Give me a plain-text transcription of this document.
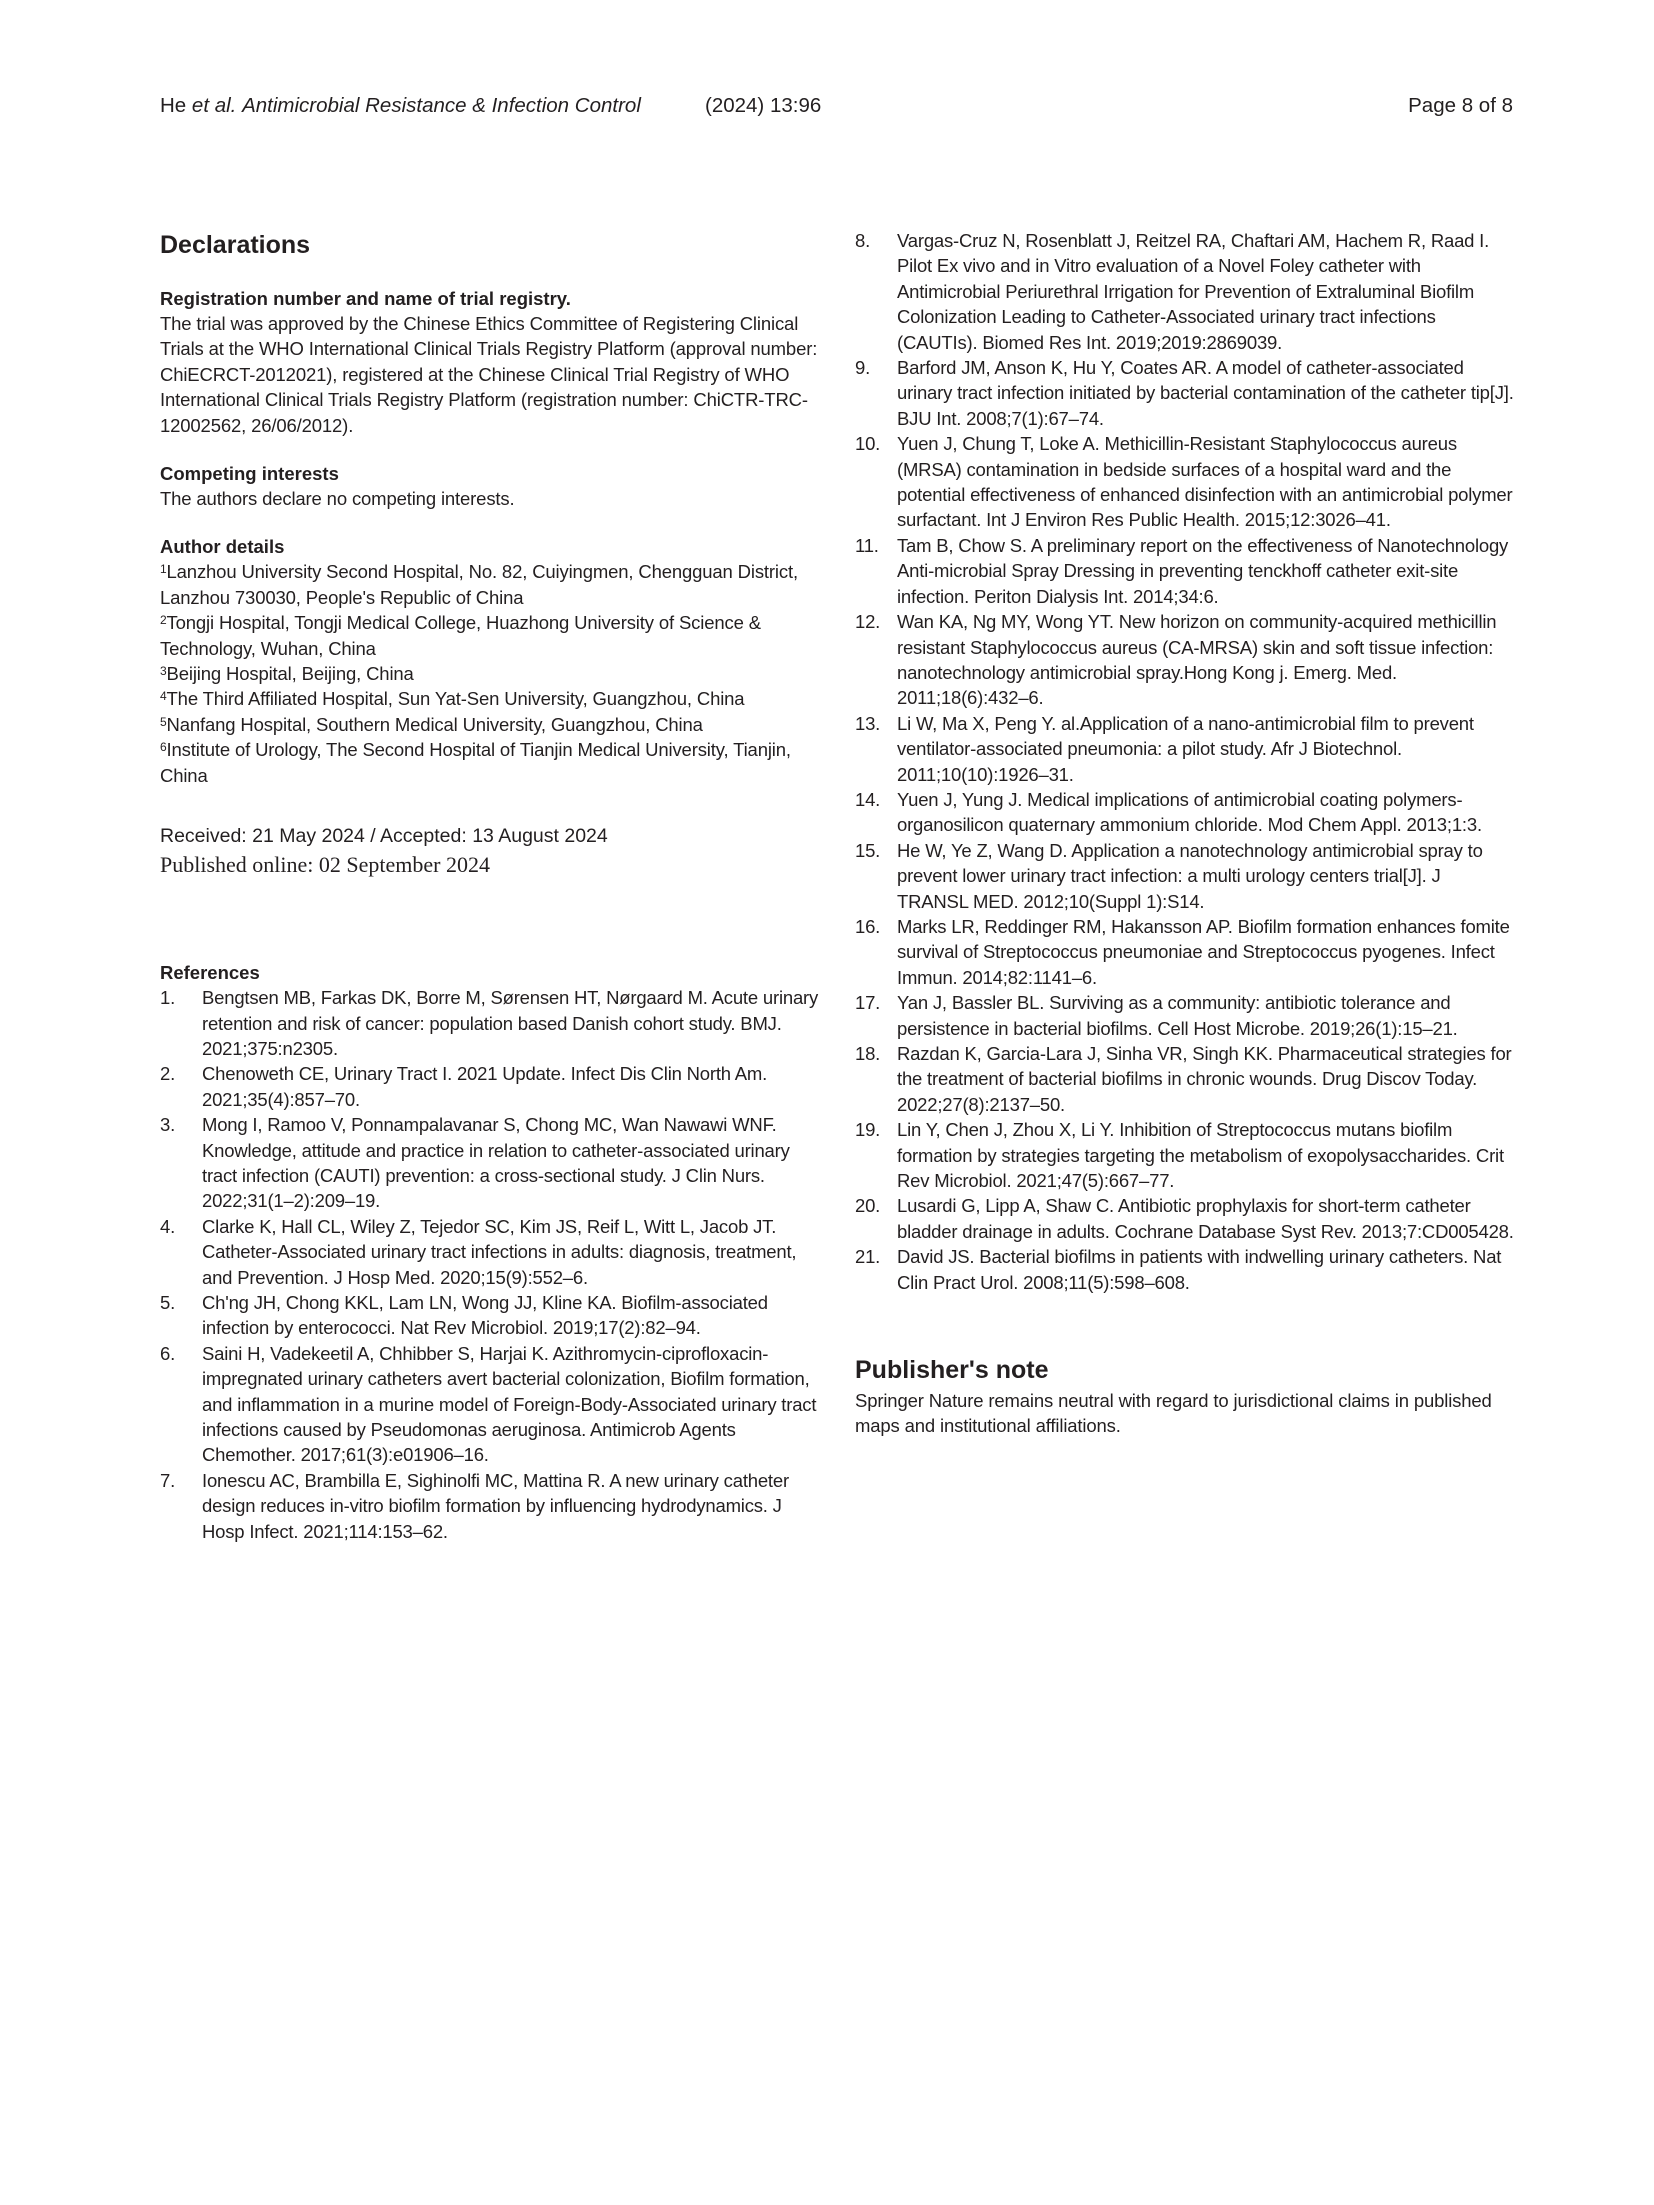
He et al. Antimicrobial Resistance & Infection Control	(2024) 13:96	Page 8 of 8
Declarations
Registration number and name of trial registry.

The trial was approved by the Chinese Ethics Committee of Registering Clinical Trials at the WHO International Clinical Trials Registry Platform (approval number: ChiECRCT-2012021), registered at the Chinese Clinical Trial Registry of WHO International Clinical Trials Registry Platform (registration number: ChiCTR-TRC-12002562, 26/06/2012).

Competing interests

The authors declare no competing interests.

Author details
$^1$Lanzhou University Second Hospital, No. 82, Cuiyingmen, Chengguan District, Lanzhou 730030, People's Republic of China
$^2$Tongji Hospital, Tongji Medical College, Huazhong University of Science & Technology, Wuhan, China
$^3$Beijing Hospital, Beijing, China
$^4$The Third Affiliated Hospital, Sun Yat-Sen University, Guangzhou, China
$^5$Nanfang Hospital, Southern Medical University, Guangzhou, China
$^6$Institute of Urology, The Second Hospital of Tianjin Medical University, Tianjin, China
Received: 21 May 2024 / Accepted: 13 August 2024
Published online: 02 September 2024
References
1. Bengtsen MB, Farkas DK, Borre M, Sørensen HT, Nørgaard M. Acute urinary retention and risk of cancer: population based Danish cohort study. BMJ. 2021;375:n2305.
2. Chenoweth CE, Urinary Tract I. 2021 Update. Infect Dis Clin North Am. 2021;35(4):857–70.
3. Mong I, Ramoo V, Ponnampalavanar S, Chong MC, Wan Nawawi WNF. Knowledge, attitude and practice in relation to catheter-associated urinary tract infection (CAUTI) prevention: a cross-sectional study. J Clin Nurs. 2022;31(1–2):209–19.
4. Clarke K, Hall CL, Wiley Z, Tejedor SC, Kim JS, Reif L, Witt L, Jacob JT. Catheter-Associated urinary tract infections in adults: diagnosis, treatment, and Prevention. J Hosp Med. 2020;15(9):552–6.
5. Ch'ng JH, Chong KKL, Lam LN, Wong JJ, Kline KA. Biofilm-associated infection by enterococci. Nat Rev Microbiol. 2019;17(2):82–94.
6. Saini H, Vadekeetil A, Chhibber S, Harjai K. Azithromycin-ciprofloxacin-impregnated urinary catheters avert bacterial colonization, Biofilm formation, and inflammation in a murine model of Foreign-Body-Associated urinary tract infections caused by Pseudomonas aeruginosa. Antimicrob Agents Chemother. 2017;61(3):e01906–16.
7. Ionescu AC, Brambilla E, Sighinolfi MC, Mattina R. A new urinary catheter design reduces in-vitro biofilm formation by influencing hydrodynamics. J Hosp Infect. 2021;114:153–62.
8. Vargas-Cruz N, Rosenblatt J, Reitzel RA, Chaftari AM, Hachem R, Raad I. Pilot Ex vivo and in Vitro evaluation of a Novel Foley catheter with Antimicrobial Periurethral Irrigation for Prevention of Extraluminal Biofilm Colonization Leading to Catheter-Associated urinary tract infections (CAUTIs). Biomed Res Int. 2019;2019:2869039.
9. Barford JM, Anson K, Hu Y, Coates AR. A model of catheter-associated urinary tract infection initiated by bacterial contamination of the catheter tip[J]. BJU Int. 2008;7(1):67–74.
10. Yuen J, Chung T, Loke A. Methicillin-Resistant Staphylococcus aureus (MRSA) contamination in bedside surfaces of a hospital ward and the potential effectiveness of enhanced disinfection with an antimicrobial polymer surfactant. Int J Environ Res Public Health. 2015;12:3026–41.
11. Tam B, Chow S. A preliminary report on the effectiveness of Nanotechnology Anti-microbial Spray Dressing in preventing tenckhoff catheter exit-site infection. Periton Dialysis Int. 2014;34:6.
12. Wan KA, Ng MY, Wong YT. New horizon on community-acquired methicillin resistant Staphylococcus aureus (CA-MRSA) skin and soft tissue infection: nanotechnology antimicrobial spray.Hong Kong j. Emerg. Med. 2011;18(6):432–6.
13. Li W, Ma X, Peng Y. al.Application of a nano-antimicrobial film to prevent ventilator-associated pneumonia: a pilot study. Afr J Biotechnol. 2011;10(10):1926–31.
14. Yuen J, Yung J. Medical implications of antimicrobial coating polymers-organosilicon quaternary ammonium chloride. Mod Chem Appl. 2013;1:3.
15. He W, Ye Z, Wang D. Application a nanotechnology antimicrobial spray to prevent lower urinary tract infection: a multi urology centers trial[J]. J TRANSL MED. 2012;10(Suppl 1):S14.
16. Marks LR, Reddinger RM, Hakansson AP. Biofilm formation enhances fomite survival of Streptococcus pneumoniae and Streptococcus pyogenes. Infect Immun. 2014;82:1141–6.
17. Yan J, Bassler BL. Surviving as a community: antibiotic tolerance and persistence in bacterial biofilms. Cell Host Microbe. 2019;26(1):15–21.
18. Razdan K, Garcia-Lara J, Sinha VR, Singh KK. Pharmaceutical strategies for the treatment of bacterial biofilms in chronic wounds. Drug Discov Today. 2022;27(8):2137–50.
19. Lin Y, Chen J, Zhou X, Li Y. Inhibition of Streptococcus mutans biofilm formation by strategies targeting the metabolism of exopolysaccharides. Crit Rev Microbiol. 2021;47(5):667–77.
20. Lusardi G, Lipp A, Shaw C. Antibiotic prophylaxis for short-term catheter bladder drainage in adults. Cochrane Database Syst Rev. 2013;7:CD005428.
21. David JS. Bacterial biofilms in patients with indwelling urinary catheters. Nat Clin Pract Urol. 2008;11(5):598–608.
Publisher's note
Springer Nature remains neutral with regard to jurisdictional claims in published maps and institutional affiliations.
